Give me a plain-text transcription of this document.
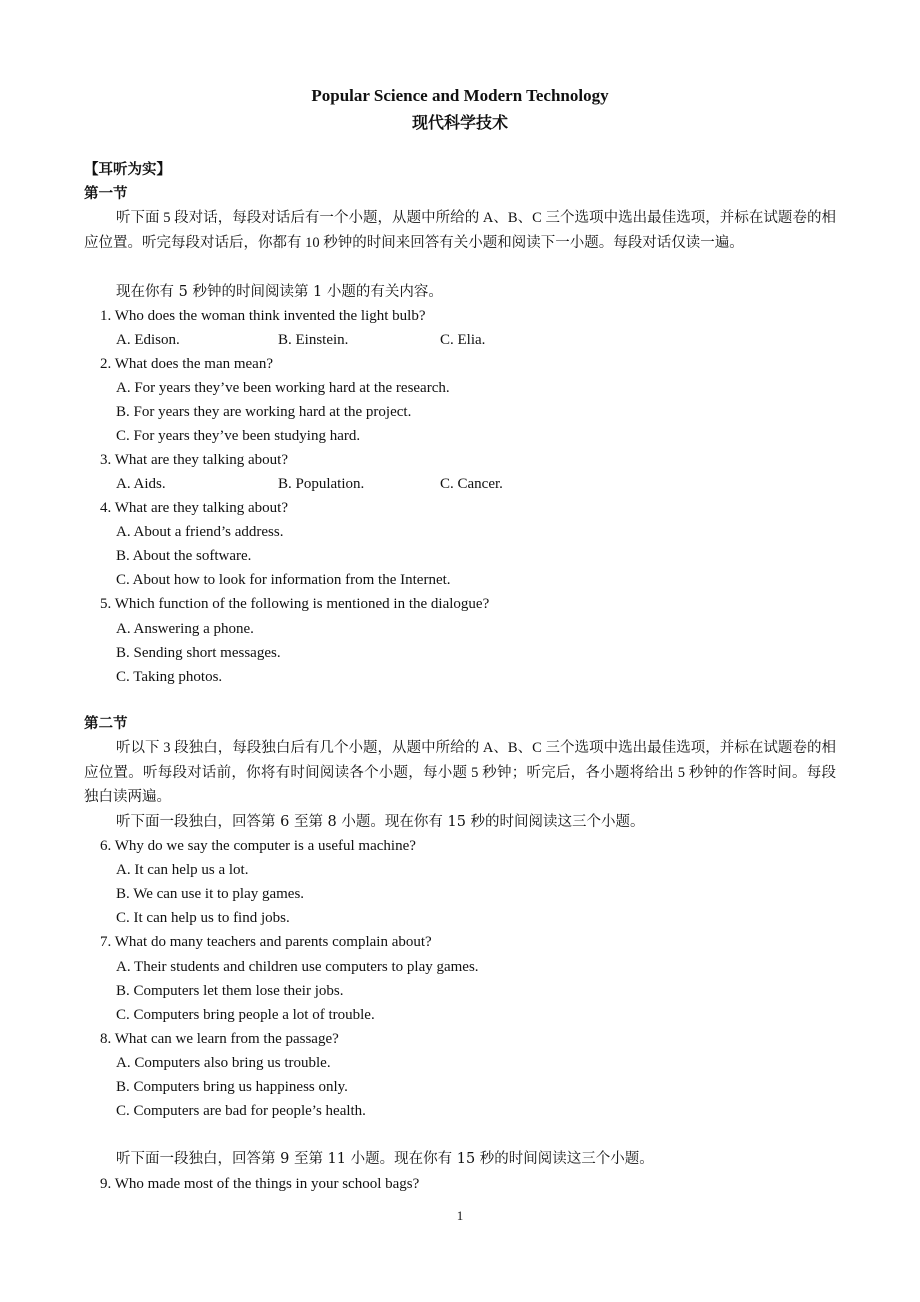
Popular Science and Modern Technology
现代科学技术
【耳听为实】
第一节
听下面 5 段对话，每段对话后有一个小题，从题中所给的 A、B、C 三个选项中选出最佳选项，并标在试题卷的相应位置。听完每段对话后，你都有 10 秒钟的时间来回答有关小题和阅读下一小题。每段对话仅读一遍。
现在你有 5 秒钟的时间阅读第 1 小题的有关内容。
1. Who does the woman think invented the light bulb?
A. Edison.	B. Einstein.	C. Elia.
2. What does the man mean?
A. For years they’ve been working hard at the research.
B. For years they are working hard at the project.
C. For years they’ve been studying hard.
3. What are they talking about?
A. Aids.	B. Population.	C. Cancer.
4. What are they talking about?
A. About a friend’s address.
B. About the software.
C. About how to look for information from the Internet.
5. Which function of the following is mentioned in the dialogue?
A. Answering a phone.
B. Sending short messages.
C. Taking photos.
第二节
听以下 3 段独白，每段独白后有几个小题，从题中所给的 A、B、C 三个选项中选出最佳选项，并标在试题卷的相应位置。听每段对话前，你将有时间阅读各个小题，每小题 5 秒钟；听完后，各小题将给出 5 秒钟的作答时间。每段独白读两遍。
听下面一段独白，回答第 6 至第 8 小题。现在你有 15 秒的时间阅读这三个小题。
6. Why do we say the computer is a useful machine?
A. It can help us a lot.
B. We can use it to play games.
C. It can help us to find jobs.
7. What do many teachers and parents complain about?
A. Their students and children use computers to play games.
B. Computers let them lose their jobs.
C. Computers bring people a lot of trouble.
8. What can we learn from the passage?
A. Computers also bring us trouble.
B. Computers bring us happiness only.
C. Computers are bad for people’s health.
听下面一段独白，回答第 9 至第 11 小题。现在你有 15 秒的时间阅读这三个小题。
9. Who made most of the things in your school bags?
1
